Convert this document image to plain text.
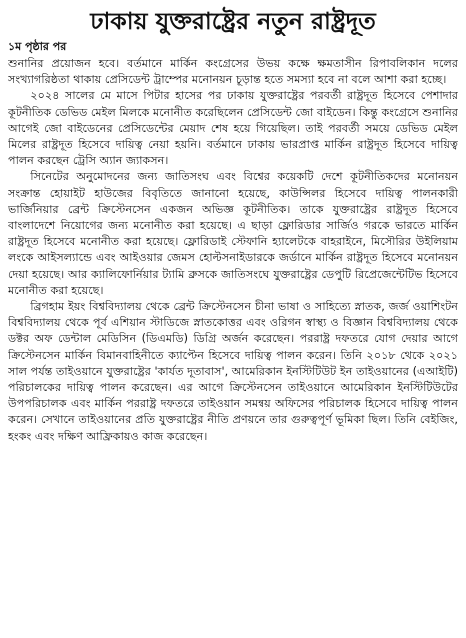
ঢাকায় যুক্তরাষ্ট্রের নতুন রাষ্ট্রদূত
১ম পৃষ্ঠার পর

শুনানির প্রয়োজন হবে। বর্তমানে মার্কিন কংগ্রেসের উভয় কক্ষে ক্ষমতাসীন রিপাবলিকান দলের সংখ্যাগরিষ্ঠতা থাকায় প্রেসিডেন্ট ট্রাম্পের মনোনয়ন চূড়ান্ত হতে সমস্যা হবে না বলে আশা করা হচ্ছে।

২০২৪ সালের মে মাসে পিটার হাসের পর ঢাকায় যুক্তরাষ্ট্রের পরবর্তী রাষ্ট্রদূত হিসেবে পেশাদার কূটনীতিক ডেভিড মেইল মিলকে মনোনীত করেছিলেন প্রেসিডেন্ট জো বাইডেন। কিন্তু কংগ্রেসে শুনানির আগেই জো বাইডেনের প্রেসিডেন্টের মেয়াদ শেষ হয়ে গিয়েছিল। তাই পরবর্তী সময়ে ডেভিড মেইল মিলের রাষ্ট্রদূত হিসেবে দায়িত্ব নেয়া হয়নি। বর্তমানে ঢাকায় ভারপ্রাপ্ত মার্কিন রাষ্ট্রদূত হিসেবে দায়িত্ব পালন করছেন ট্রেসি অ্যান জ্যাকসন।

সিনেটের অনুমোদনের জন্য জাতিসংঘ এবং বিশ্বের কয়েকটি দেশে কূটনীতিকদের মনোনয়ন সংক্রান্ত হোয়াইট হাউজের বিবৃতিতে জানানো হয়েছে, কাউন্সিলর হিসেবে দায়িত্ব পালনকারী ভার্জিনিয়ার ব্রেন্ট ক্রিস্টেনসেন একজন অভিজ্ঞ কূটনীতিক। তাকে যুক্তরাষ্ট্রের রাষ্ট্রদূত হিসেবে বাংলাদেশে নিয়োগের জন্য মনোনীত করা হয়েছে। এ ছাড়া ফ্লোরিডার সার্জিও গরকে ভারতে মার্কিন রাষ্ট্রদূত হিসেবে মনোনীত করা হয়েছে। ফ্লোরিডাই স্টেফানি হ্যালেটকে বাহরাইনে, মিসৌরির উইলিয়াম লংকে আইসল্যান্ডে এবং আইওয়ার জেমস হোল্টসনাইডারকে জর্ডানে মার্কিন রাষ্ট্রদূত হিসেবে মনোনয়ন দেয়া হয়েছে। আর ক্যালিফোর্নিয়ার ট্যামি ব্রুসকে জাতিসংঘে যুক্তরাষ্ট্রের ডেপুটি রিপ্রেজেন্টেটিভ হিসেবে মনোনীত করা হয়েছে।

ব্রিগহাম ইয়ং বিশ্ববিদ্যালয় থেকে ব্রেন্ট ক্রিস্টেনসেন চীনা ভাষা ও সাহিত্যে স্নাতক, জর্জ ওয়াশিংটন বিশ্ববিদ্যালয় থেকে পূর্ব এশিয়ান স্টাডিজে স্নাতকোত্তর এবং ওরিগন স্বাস্থ্য ও বিজ্ঞান বিশ্ববিদ্যালয় থেকে ডক্টর অফ ডেন্টাল মেডিসিন (ডিএমডি) ডিগ্রি অর্জন করেছেন। পররাষ্ট্র দফতরে যোগ দেয়ার আগে ক্রিস্টেনসেন মার্কিন বিমানবাহিনীতে ক্যাপ্টেন হিসেবে দায়িত্ব পালন করেন। তিনি ২০১৮ থেকে ২০২১ সাল পর্যন্ত তাইওয়ানে যুক্তরাষ্ট্রের 'কার্যত দূতাবাস', আমেরিকান ইনস্টিটিউট ইন তাইওয়ানের (এআইটি) পরিচালকের দায়িত্ব পালন করেছেন। এর আগে ক্রিস্টেনসেন তাইওয়ানে আমেরিকান ইনস্টিটিউটের উপপরিচালক এবং মার্কিন পররাষ্ট্র দফতরে তাইওয়ান সমন্বয় অফিসের পরিচালক হিসেবে দায়িত্ব পালন করেন। সেখানে তাইওয়ানের প্রতি যুক্তরাষ্ট্রের নীতি প্রণয়নে তার গুরুত্বপূর্ণ ভূমিকা ছিল। তিনি বেইজিং, হংকং এবং দক্ষিণ আফ্রিকায়ও কাজ করেছেন।
